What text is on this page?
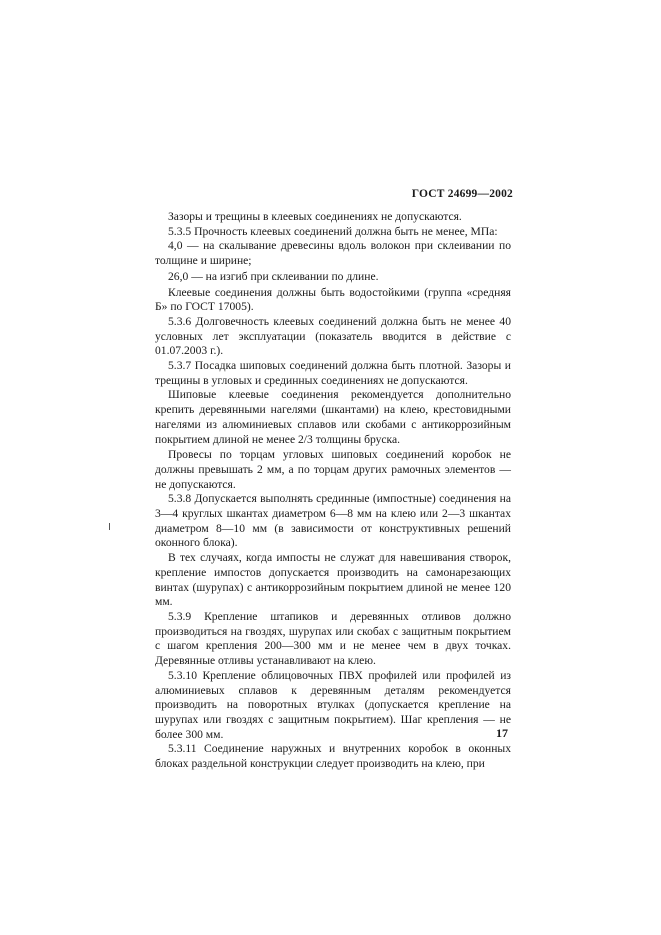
ГОСТ 24699—2002

Зазоры и трещины в клеевых соединениях не допускаются.

5.3.5 Прочность клеевых соединений должна быть не менее, МПа:

4,0 — на скалывание древесины вдоль волокон при склеивании по толщине и ширине;

26,0 — на изгиб при склеивании по длине.

Клеевые соединения должны быть водостойкими (группа «средняя Б» по ГОСТ 17005).

5.3.6 Долговечность клеевых соединений должна быть не менее 40 условных лет эксплуатации (показатель вводится в действие с 01.07.2003 г.).

5.3.7 Посадка шиповых соединений должна быть плотной. Зазоры и трещины в угловых и срединных соединениях не допускаются.

Шиповые клеевые соединения рекомендуется дополнительно крепить деревянными нагелями (шкантами) на клею, крестовидными нагелями из алюминиевых сплавов или скобами с антикоррозийным покрытием длиной не менее 2/3 толщины бруска.

Провесы по торцам угловых шиповых соединений коробок не должны превышать 2 мм, а по торцам других рамочных элементов — не допускаются.

5.3.8 Допускается выполнять срединные (импостные) соединения на 3—4 круглых шкантах диаметром 6—8 мм на клею или 2—3 шкантах диаметром 8—10 мм (в зависимости от конструктивных решений оконного блока).

В тех случаях, когда импосты не служат для навешивания створок, крепление импостов допускается производить на самонарезающих винтах (шурупах) с антикоррозийным покрытием длиной не менее 120 мм.

5.3.9 Крепление штапиков и деревянных отливов должно производиться на гвоздях, шурупах или скобах с защитным покрытием с шагом крепления 200—300 мм и не менее чем в двух точках. Деревянные отливы устанавливают на клею.

5.3.10 Крепление облицовочных ПВХ профилей или профилей из алюминиевых сплавов к деревянным деталям рекомендуется производить на поворотных втулках (допускается крепление на шурупах или гвоздях с защитным покрытием). Шаг крепления — не более 300 мм.

5.3.11 Соединение наружных и внутренних коробок в оконных блоках раздельной конструкции следует производить на клею, при

17
